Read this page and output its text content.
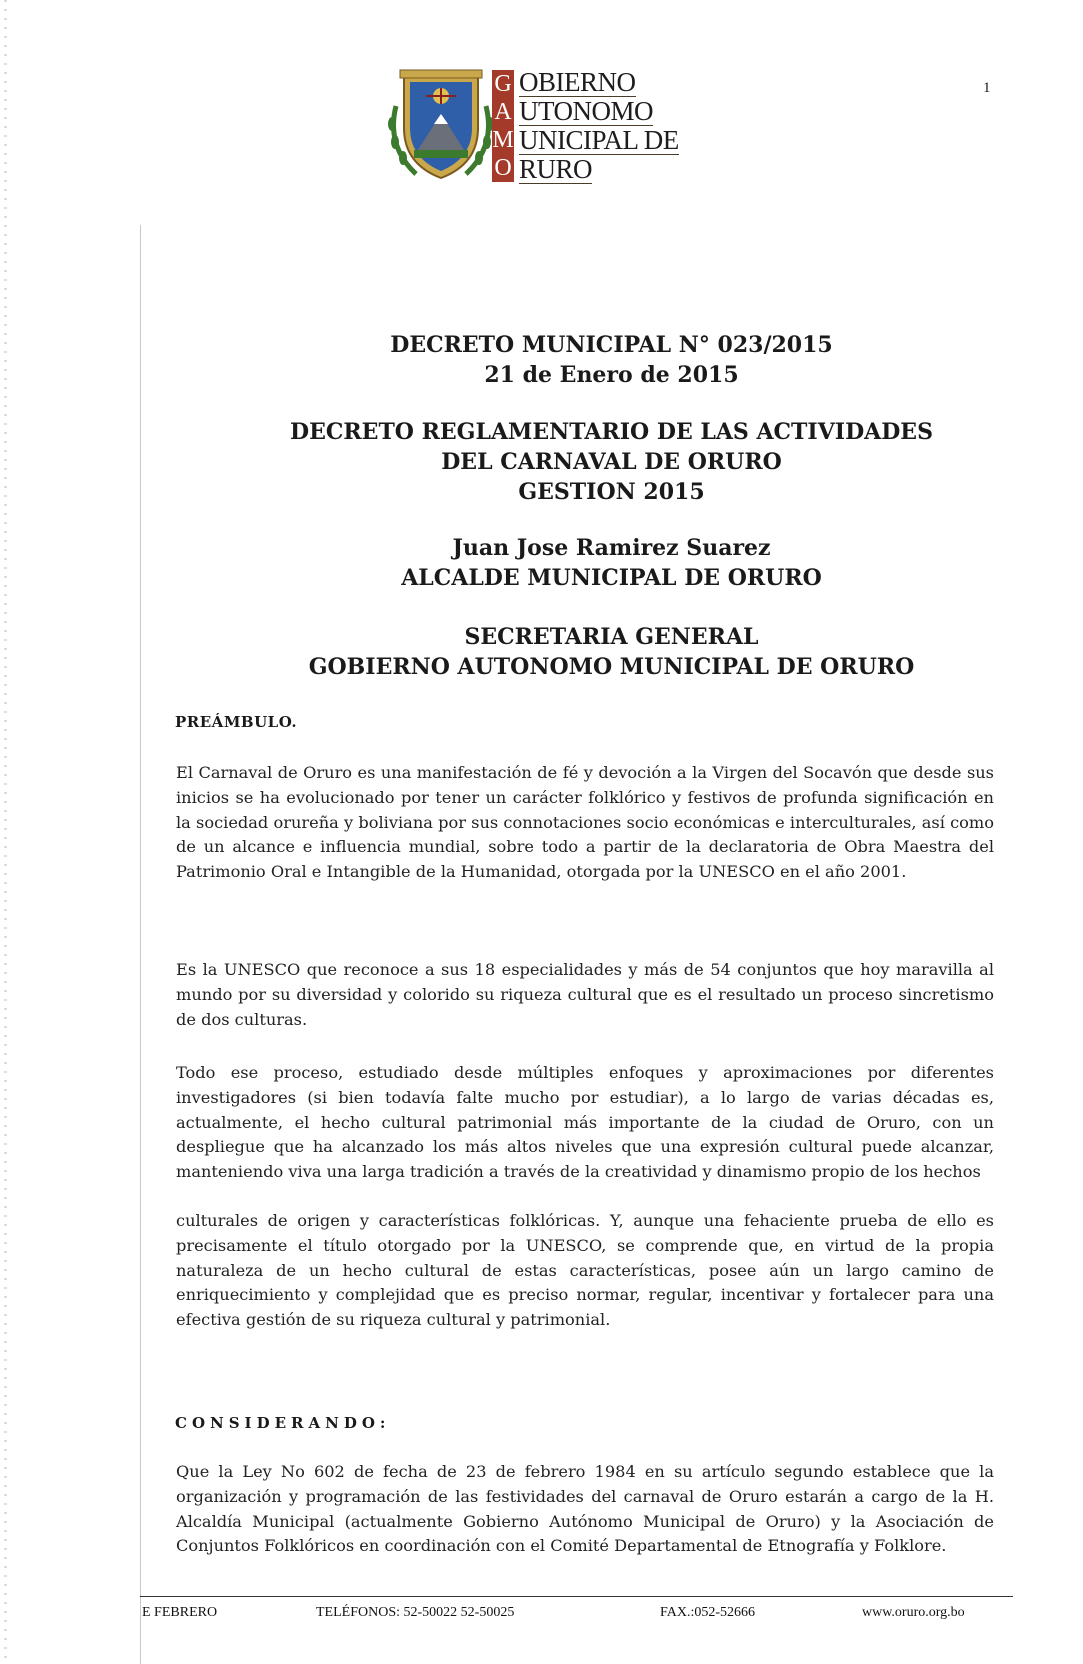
1
G
A
M
O
OBIERNO
UTONOMO
UNICIPAL DE
RURO

DECRETO MUNICIPAL N° 023/2015

21 de Enero de 2015

DECRETO REGLAMENTARIO DE LAS ACTIVIDADES

DEL CARNAVAL DE ORURO

GESTION 2015

Juan Jose Ramirez Suarez

ALCALDE MUNICIPAL DE ORURO

SECRETARIA GENERAL

GOBIERNO AUTONOMO MUNICIPAL DE ORURO

PREÁMBULO.

El Carnaval de Oruro es una manifestación de fé y devoción a la Virgen del Socavón que desde sus inicios se ha evolucionado por tener un carácter folklórico y festivos de profunda significación en la sociedad orureña y boliviana por sus connotaciones socio económicas e interculturales, así como de un alcance e influencia mundial, sobre todo a partir de la declaratoria de Obra Maestra del Patrimonio Oral e Intangible de la Humanidad, otorgada por la UNESCO en el año 2001.

Es la UNESCO que reconoce a sus 18 especialidades y más de 54 conjuntos que hoy maravilla al mundo por su diversidad y colorido su riqueza cultural que es el resultado un proceso sincretismo de dos culturas.

Todo ese proceso, estudiado desde múltiples enfoques y aproximaciones por diferentes investigadores (si bien todavía falte mucho por estudiar), a lo largo de varias décadas es, actualmente, el hecho cultural patrimonial más importante de la ciudad de Oruro, con un despliegue que ha alcanzado los más altos niveles que una expresión cultural puede alcanzar, manteniendo viva una larga tradición a través de la creatividad y dinamismo propio de los hechos

culturales de origen y características folklóricas. Y, aunque una fehaciente prueba de ello es precisamente el título otorgado por la UNESCO, se comprende que, en virtud de la propia naturaleza de un hecho cultural de estas características, posee aún un largo camino de enriquecimiento y complejidad que es preciso normar, regular, incentivar y fortalecer para una efectiva gestión de su riqueza cultural y patrimonial.

CONSIDERANDO:

Que la Ley No 602 de fecha de 23 de febrero 1984 en su artículo segundo establece que la organización y programación de las festividades del carnaval de Oruro estarán a cargo de la H. Alcaldía Municipal (actualmente Gobierno Autónomo Municipal de Oruro) y la Asociación de Conjuntos Folklóricos en coordinación con el Comité Departamental de Etnografía y Folklore.

E FEBRERO	TELÉFONOS: 52-50022 52-50025	FAX.:052-52666	www.oruro.org.bo
